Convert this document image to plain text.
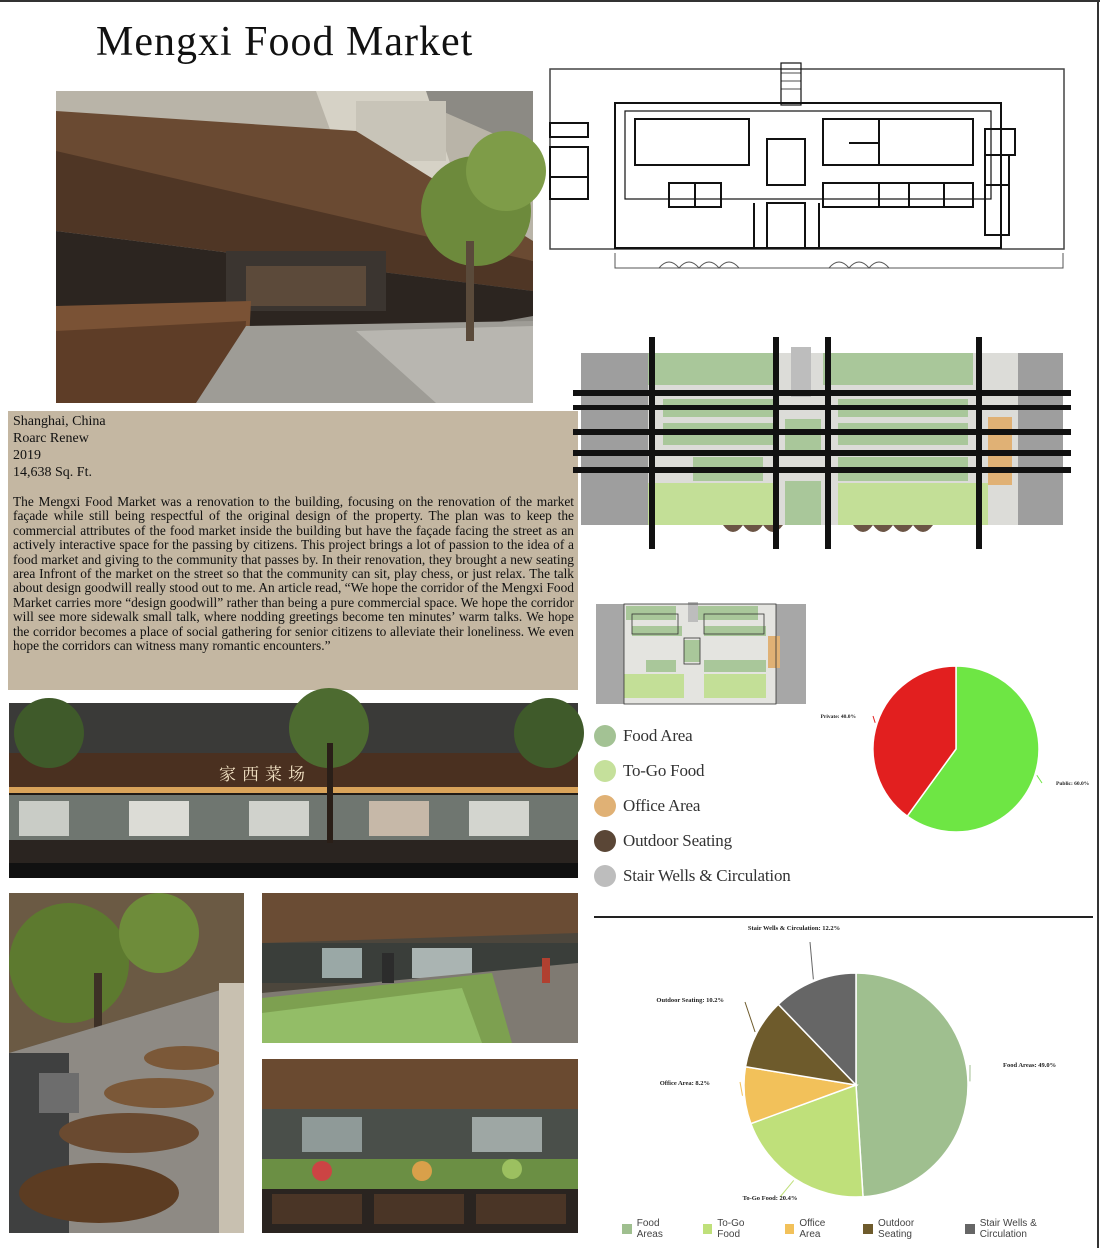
Mengxi Food Market
Shanghai, China
Roarc Renew
2019
14,638 Sq. Ft.
The Mengxi Food Market was a renovation to the building, focusing on the renovation of the market façade while still being respectful of the original design of the property. The plan was to keep the commercial attributes of the food market inside the building but have the façade facing the street as an actively interactive space for the passing by citizens. This project brings a lot of passion to the idea of a food market and giving to the community that passes by. In their renovation, they brought a new seating area Infront of the market on the street so that the community can sit, play chess, or just relax. The talk about design goodwill really stood out to me. An article read, “We hope the corridor of the Mengxi Food Market carries more “design goodwill” rather than being a pure commercial space. We hope the corridor will see more sidewalk small talk, where nodding greetings become ten minutes’ warm talks. We hope the corridor becomes a place of social gathering for senior citizens to alleviate their loneliness. We even hope the corridors can witness many romantic encounters.”
家西菜场
Food Area
To-Go Food
Office Area
Outdoor Seating
Stair Wells & Circulation
Public: 60.0%
Private: 40.0%
Food Areas: 49.0%
To-Go Food: 20.4%
Office Area: 8.2%
Outdoor Seating: 10.2%
Stair Wells & Circulation: 12.2%
Food Areas
To-Go Food
Office Area
Outdoor Seating
Stair Wells & Circulation
